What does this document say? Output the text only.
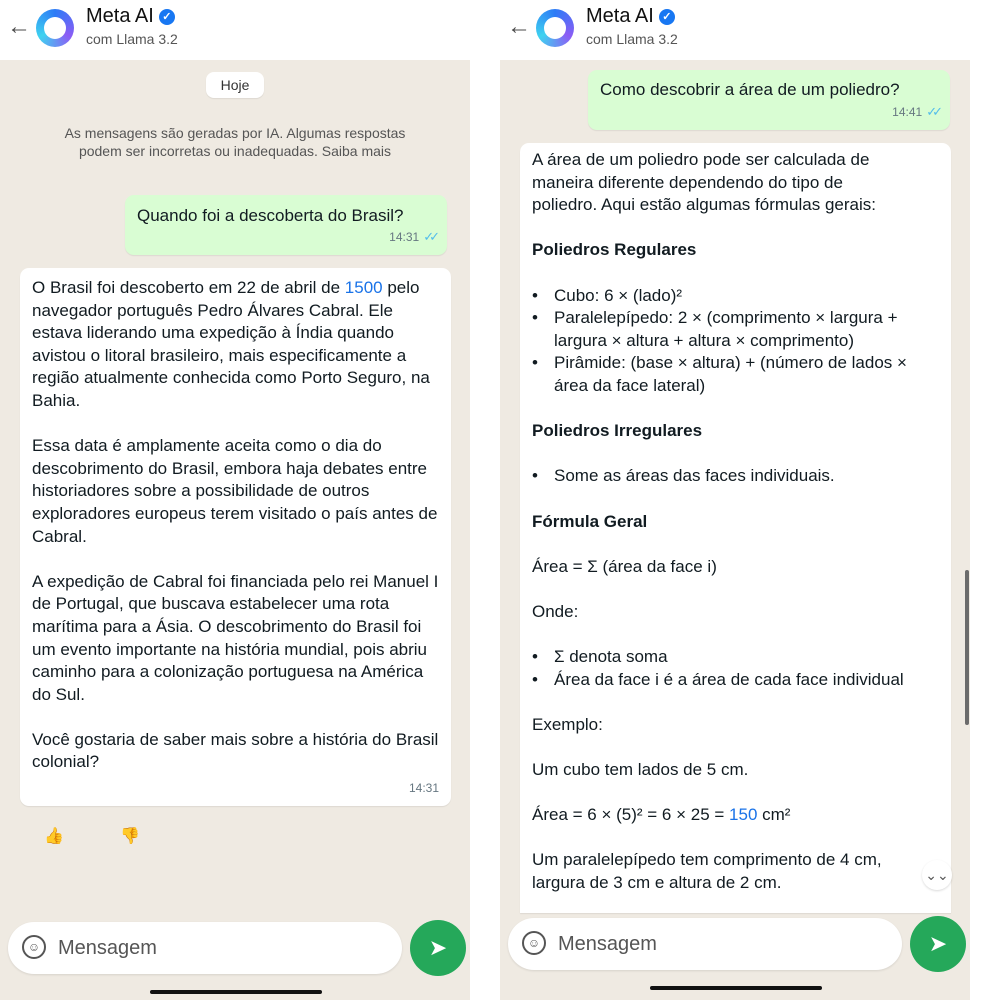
←	Meta AI ✓
com Llama 3.2
Hoje
As mensagens são geradas por IA. Algumas respostas podem ser incorretas ou inadequadas. Saiba mais
Quando foi a descoberta do Brasil?
14:31 ✓✓

O Brasil foi descoberto em 22 de abril de 1500 pelo navegador português Pedro Álvares Cabral. Ele estava liderando uma expedição à Índia quando avistou o litoral brasileiro, mais especificamente a região atualmente conhecida como Porto Seguro, na Bahia.

Essa data é amplamente aceita como o dia do descobrimento do Brasil, embora haja debates entre historiadores sobre a possibilidade de outros exploradores europeus terem visitado o país antes de Cabral.

A expedição de Cabral foi financiada pelo rei Manuel I de Portugal, que buscava estabelecer uma rota marítima para a Ásia. O descobrimento do Brasil foi um evento importante na história mundial, pois abriu caminho para a colonização portuguesa na América do Sul.

Você gostaria de saber mais sobre a história do Brasil colonial?

14:31
👍	👎
☺ Mensagem	➤
←	Meta AI ✓
com Llama 3.2
Como descobrir a área de um poliedro?
14:41 ✓✓

A área de um poliedro pode ser calculada de maneira diferente dependendo do tipo de poliedro. Aqui estão algumas fórmulas gerais:

Poliedros Regulares
• Cubo: 6 × (lado)²
• Paralelepípedo: 2 × (comprimento × largura + largura × altura + altura × comprimento)
• Pirâmide: (base × altura) + (número de lados × área da face lateral)
Poliedros Irregulares
• Some as áreas das faces individuais.
Fórmula Geral

Área = Σ (área da face i)

Onde:

• Σ denota soma
• Área da face i é a área de cada face individual

Exemplo:

Um cubo tem lados de 5 cm.

Área = 6 × (5)² = 6 × 25 = 150 cm²

Um paralelepípedo tem comprimento de 4 cm, largura de 3 cm e altura de 2 cm.	⌄⌄
☺ Mensagem	➤
